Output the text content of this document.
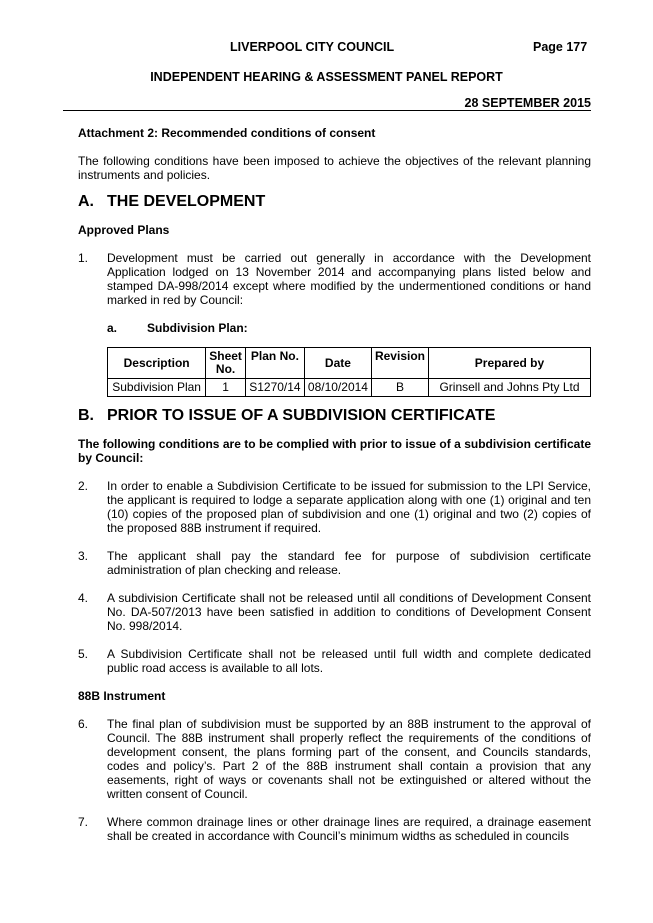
LIVERPOOL CITY COUNCIL	Page 177
INDEPENDENT HEARING & ASSESSMENT PANEL REPORT
28 SEPTEMBER 2015
Attachment 2: Recommended conditions of consent
The following conditions have been imposed to achieve the objectives of the relevant planning instruments and policies.
A. THE DEVELOPMENT
Approved Plans
1.	Development must be carried out generally in accordance with the Development Application lodged on 13 November 2014 and accompanying plans listed below and stamped DA-998/2014 except where modified by the undermentioned conditions or hand marked in red by Council:
a.	Subdivision Plan:
Description	Sheet No.	Plan No.	Date	Revision	Prepared by
Subdivision Plan	1	S1270/14	08/10/2014	B	Grinsell and Johns Pty Ltd
B. PRIOR TO ISSUE OF A SUBDIVISION CERTIFICATE
The following conditions are to be complied with prior to issue of a subdivision certificate by Council:
2.	In order to enable a Subdivision Certificate to be issued for submission to the LPI Service, the applicant is required to lodge a separate application along with one (1) original and ten (10) copies of the proposed plan of subdivision and one (1) original and two (2) copies of the proposed 88B instrument if required.
3.	The applicant shall pay the standard fee for purpose of subdivision certificate administration of plan checking and release.
4.	A subdivision Certificate shall not be released until all conditions of Development Consent No. DA-507/2013 have been satisfied in addition to conditions of Development Consent No. 998/2014.
5.	A Subdivision Certificate shall not be released until full width and complete dedicated public road access is available to all lots.
88B Instrument
6.	The final plan of subdivision must be supported by an 88B instrument to the approval of Council. The 88B instrument shall properly reflect the requirements of the conditions of development consent, the plans forming part of the consent, and Councils standards, codes and policy’s. Part 2 of the 88B instrument shall contain a provision that any easements, right of ways or covenants shall not be extinguished or altered without the written consent of Council.
7.	Where common drainage lines or other drainage lines are required, a drainage easement shall be created in accordance with Council’s minimum widths as scheduled in councils
